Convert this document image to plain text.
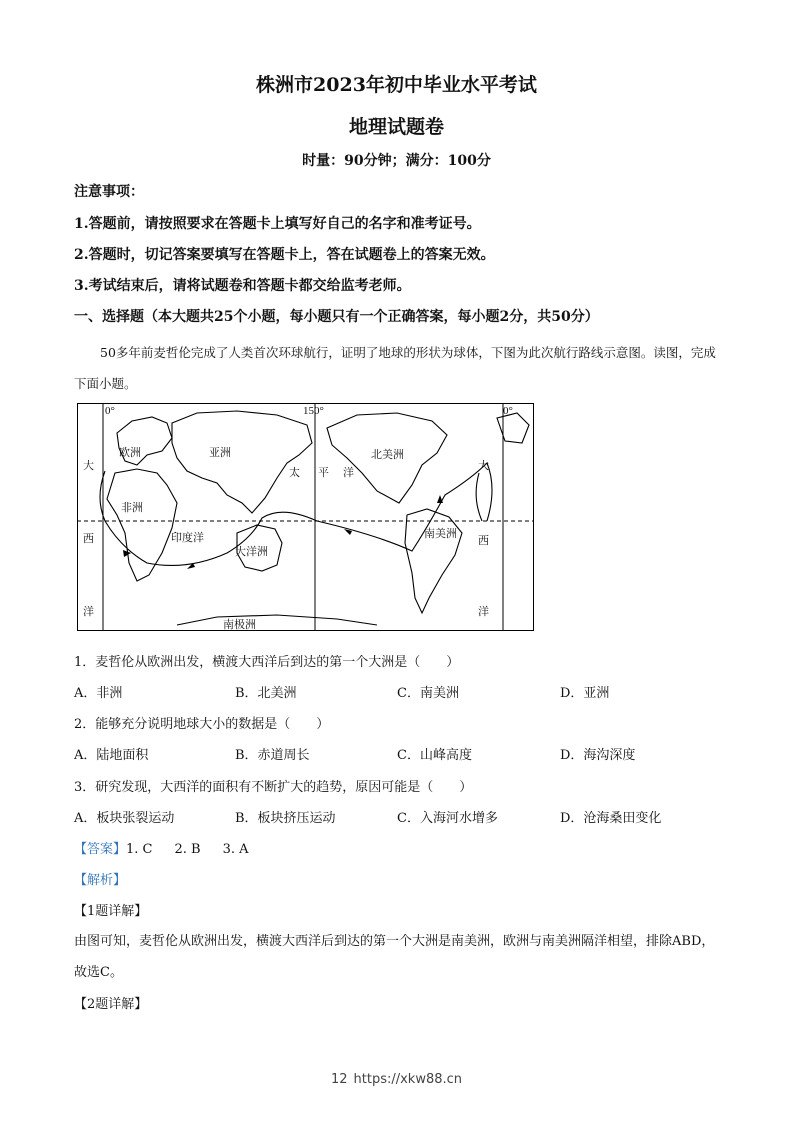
株洲市2023年初中毕业水平考试
地理试题卷
时量：90分钟；满分：100分
注意事项：
1.答题前，请按照要求在答题卡上填写好自己的名字和准考证号。
2.答题时，切记答案要填写在答题卡上，答在试题卷上的答案无效。
3.考试结束后，请将试题卷和答题卡都交给监考老师。
一、选择题（本大题共25个小题，每小题只有一个正确答案，每小题2分，共50分）
50多年前麦哲伦完成了人类首次环球航行，证明了地球的形状为球体，下图为此次航行路线示意图。读图，完成下面小题。
0°	150°	0°
欧洲	亚洲	北美洲
非洲
南美洲
大洋洲
南极洲
太 平 洋
印度洋
大
西
洋
大
西
洋
1．麦哲伦从欧洲出发，横渡大西洋后到达的第一个大洲是（　　）
A．非洲	B．北美洲	C．南美洲	D．亚洲
2．能够充分说明地球大小的数据是（　　）
A．陆地面积	B．赤道周长	C．山峰高度	D．海沟深度
3．研究发现，大西洋的面积有不断扩大的趋势，原因可能是（　　）
A．板块张裂运动	B．板块挤压运动	C．入海河水增多	D．沧海桑田变化
【答案】1. C 2. B 3. A
【解析】
【1题详解】
由图可知，麦哲伦从欧洲出发，横渡大西洋后到达的第一个大洲是南美洲，欧洲与南美洲隔洋相望，排除ABD，故选C。
【2题详解】
12 https://xkw88.cn
